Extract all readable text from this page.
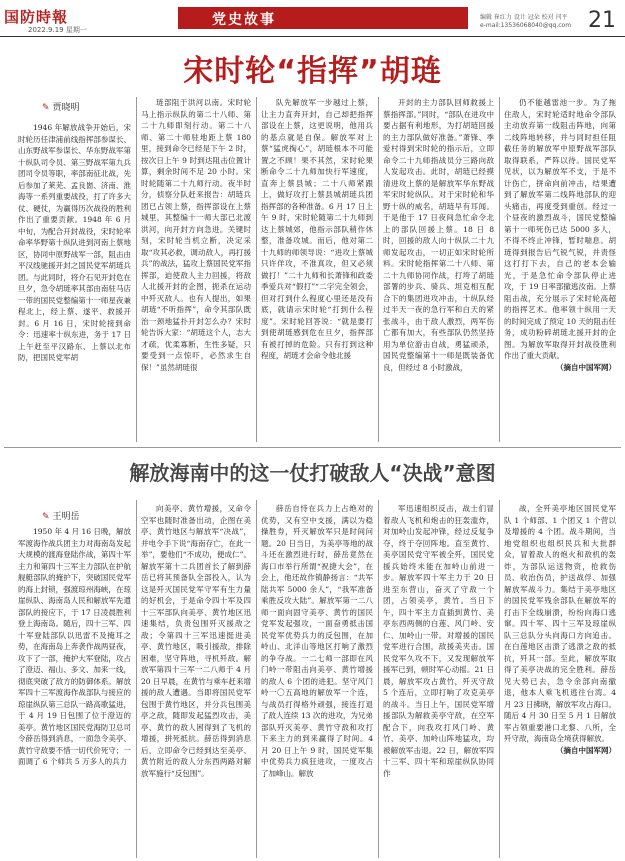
国防時報
2022.9.19 星期一
党史故事	编辑 崔红力 设计 冠朵 校对 闫平
e-mail:13536068040@qq.com 21
宋时轮“指挥”胡琏
✎ 贾晓明

1946 年解放战争开始后，宋时轮历任津浦前线指挥部参谋长、山东野战军参谋长、华东野战军第十纵队司令员、第三野战军第九兵团司令员等职，率部南征北战，先后参加了莱芜、孟良崮、济南、淮海等一系列重要战役，打了许多大仗、硬仗，为赢得历次战役的胜利作出了重要贡献。1948 年 6 月中旬，为配合开封战役，宋时轮率命率华野第十纵队进到河南上蔡地区，协同中原野战军一部，阻击由平汉线驰援开封之国民党军胡琏兵团。与此同时，将介石见开封危在旦夕，急令胡琏率其部由南驻马店一带的国民党整编第十一师星夜兼程北上，经上蔡、遂平、救援开封。6 月 16 日，宋时轮接到命令：迅速率十纵东进，务于 17 日上午赶至平汉路东、上蔡以北布防，把国民党军胡

琏部阻于洪河以南。宋时轮马上指示纵队的第二十八师、第二十九师即刻行动。第二十八师、第二十师驻地距上蔡 180 里，接到命令已经是下午 2 时，按次日上午 9 时到达阻击位置计算，剩余时间不足 20 小时。宋时轮随第二十九师行动。夜半时分，侦察分队赶来报告：胡琏兵团已占领上蔡，指挥部设在上蔡城里，其整编十一师大部已北渡洪河，向开封方向急进。关键时刻，宋时轮当机立断，决定采取“攻其必救，调动敌人，再打援兵”的战法，猛攻上蔡国民党军指挥部，迫使敌人主力回援，将敌人北援开封的企图，扼杀在运动中歼灭敌人。也有人提出，如果胡琏“不听指挥”，命令其部队既治一颈地猛扑开封怎么办？宋时轮告诉大家：“胡琏这个人，志大才疏，优柔寡断，生性多疑，只要受到一点惊吓，必然求生自保！”虽然胡琏很

队先解放军一步越过上蔡，让主力直奔开封，自己却把指挥部设在上蔡，这更说明，他用兵的基点就是自保。解放军对上蔡“猛虎掏心”，胡琏根本不可能置之不顾！果不其然，宋时轮果断命令二十九师加快行军速度，直奔上蔡县城；二十八师紧跟上，做好攻打上蔡县城胡琏兵团指挥部的各种准备。6 月 17 日上午 9 时，宋时轮随第二十九师到达上蔡城郊，他指示部队稍作休整，准备攻城。而后，他对第二十九师的师领导说：“进攻上蔡城只许佯攻，不准真攻，但又必须做打！”二十九师和长萧锋和政委季爱兵对“假打”“二字完全领会，但对打到什么程度心里还是没有底，就请示宋时轮“打到什么程度”。宋时轮回答说：“就是要打到使胡琏感到危在旦夕，指挥部有被打掉的危险。只有打到这种程度，胡琏才会命令他北援

开封的主力部队回师救援上蔡指挥部。”同时，“部队在进攻中要占据有利地形，为打胡琏回援的主力部队做好准备。”萧锋、季爱村得到宋时轮的指示后，立即命令二十九师指战员分三路向敌人发起攻击。此时，胡琏已经摸清进攻上蔡的是解放军华东野战军宋时轮纵队。对于宋时轮和华野十纵的威名，胡琏早有耳闻。于是他于 17 日夜间急忙命令北上的部队回援上蔡。18 日 8 时，回援的敌人向十纵队二十九师发起攻击，一切正如宋时轮所料。宋时轮指挥第二十八师、第二十九师协同作战，打垮了胡琏部署的步兵、骑兵、坦克相互配合下的集团进攻冲击，十纵队经过半天一夜的急行军和白天的紧张战斗，由于敌人激烈，两军伤亡都有加大，有些部队仍然坚持用为单位游击自战，勇猛顽杀，国民党整编第十一师是既装备优良，但经过 8 小时激战，

仍不能越雷池一步。为了拖住敌人，宋时轮适时地命令部队主动放弃第一线阻击阵地，向第二线阵地转移，并与同时担任阻截任务的解放军中原野战军部队取得联系，严阵以待。国民党军见状，以为解放军不支，于是不计伤亡，拼命向前冲击，结果遭到了解放军第二线阵地部队的迎头痛击，再度受到重创。经过一个昼夜的激烈战斗，国民党整编第十一师死伤已达 5000 多人，不得不终止冲锋，暂时喘息。胡琏得到报告后气锐气锐，并责怪这打打下去，自己的老本会输光，于是急忙命令部队停止进攻，于 19 日率部撤逃汝南。上蔡阻击战，充分展示了宋时轮高超的指挥艺术。他率领十纵用一天的时间完成了预定 10 天的阻击任务，成功粉碎胡琏北援开封的企图。为解放军取得开封战役胜利作出了重大贡献。

（摘自中国军网）
解放海南中的这一仗打破敌人“决战”意图
✎ 王明岳

1950 年 4 月 16 日晚，解放军渡海作战兵团主力对海南岛发起大规模的渡海登陆作战，第四十军主力和第四十三军主力部队在护航舰艇部队的掩护下，突破国民党军的海上封锁，强渡琼州海峡，在琼崖纵队、海南岛人民和解放军先遣部队的接应下，于 17 日凌晨胜利登上海南岛。随后，四十三军、四十军登陆部队以迅雷不及掩耳之势，在海南岛上奔袭作战两昼夜，攻下了一部，掩护大军登陆，攻占了澄迈、福山、多文、加来一线，彻底突破了敌方的防御体系。解放军四十三军渡海作战部队与接应的琼崖纵队第三总队一路高歌猛进，于 4 月 19 日包围了位于澄迈的美亭。黄竹地区国民党海防卫总司令薛岳得到消息，一面急令美亭、黄竹守敌要不惜一切代价死守；一面调了 6 个师共 5 万多人的兵力

向美亭、黄竹增援，又命令空军也随时准备出动，企图在美亭、黄竹地区与解放军“决战”，并电令手下说“海南存亡，在此一举”，要他们“不成功，便成仁”。解放军第十二兵团首长了解到薛岳已将其预备队全部投入，认为这是歼灭国民党军守军有生力量的好机会，于是命令四十军及四十三军部队向美亭、黄竹地区迅速集结，负责包围歼灭援敌之敌；令第四十三军迅速挺进美亭、黄竹地区，吸引援敌，排除困难，坚守阵地，寻机歼敌。解放军第四十三军一二八师于 4 月 20 日早晨，在黄竹与乘车赶来增援的敌人遭遇。当即将国民党军包围于黄竹地区，并分兵包围美亭之敌，随即发起猛烈攻击，美亭、黄竹的敌人困得到了飞机的增援，拼死抵抗。薛岳得到消息后，立即命令已经到达至美亭、黄竹附近的敌人分东西两路对解放军施行“反包围”。

薛岳自恃在兵力上占绝对的优势，又有空中支援，满以为稳操胜券，歼灭解放军只是时间问题。20 日当日，为美亭等地的战斗还在激烈进行时，薛岳竟然在海口市举行所谓“祝捷大会”，在会上，他还故作镇静扬言：“共军陆共军 5000 余人”，“我军准备乘胜反攻大陆”。解放军第一二八师一面向固守美亭、黄竹的国民党军发起强攻，一面奋勇抵击国民党军优势兵力的反包围，在加岭山、北洋山等地区打响了激烈的争夺战。一二七师一部即在风门岭一带阻击向美亭、黄竹增援的敌人 6 个团的进犯。坚守风门岭一〇五高地的解放军一个连，与战员打得格外顽强，接连打退了敌人连续 13 次的进攻，为兄弟部队歼灭美亭、黄竹守敌和攻打下来主力的到来赢得了时间。4 月 20 日上午 9 时，国民党军集中优势兵力疯狂进攻，一度攻占了加峰山。解放

军迅速组织反击，战士们冒着敌人飞机和炮击的狂轰滥炸，对加岭山发起冲锋，经过反复争夺，终于夺回阵地。直至黄竹、美亭国民党守军被全歼，国民党援兵始终未能在加岭山前进一步。解放军四十军主力于 20 日进至东营山，奋灭了守敌一个团，占领美亭，黄竹。当日下午，四十军主力直插到黄竹、美亭东西两侧的白莲、风门岭、安仁、加岭山一带。对增援的国民党军进行合围，敌援美夹击。国民党军久攻不下，又发现解放军援军已到，顿时军心动摇。21 日晨，解放军攻占黄竹，歼灭守敌 5 个连后，立即打响了攻克美亭的战斗。当日上午，国民党军增援部队为解救美亭守敌，在空军配合下，向我攻打风门岭、黄竹、美亭、加岭山阵地猛攻，均被解放军击退。22 日，解放军四十三军、四十军和琼崖纵队协同作

战，全歼美亭地区国民党军队 1 个师部、1 个团又 1 个营以及增援的 4 个团。战斗期间，当地党组织也组织民兵和大批群众，冒着敌人的炮火和敌机的轰炸，为部队运送物资，抢救伤员、收治伤员，护送战俘、加强解放军战斗力。集结于美亭地区的国民党军残余部队在解放军的打击下全线崩溃，纷纷向海口逃窜。四十军、四十三军及琼崖纵队三总队分头向海口方向追击。在白莲地区击溃了逃溃之敌的抵抗，歼其一部。至此，解放军取得了美亭决战的完全胜利。薛岳见大势已去，急令余部向南撤退，他本人乘飞机逃往台湾。4 月 23 日拂晓，解放军攻占海口。随后 4 月 30 日至 5 月 1 日解放军占领重要港口北黎、八所，全歼守敌，海南岛全境获得解放。

（摘自中国军网）
